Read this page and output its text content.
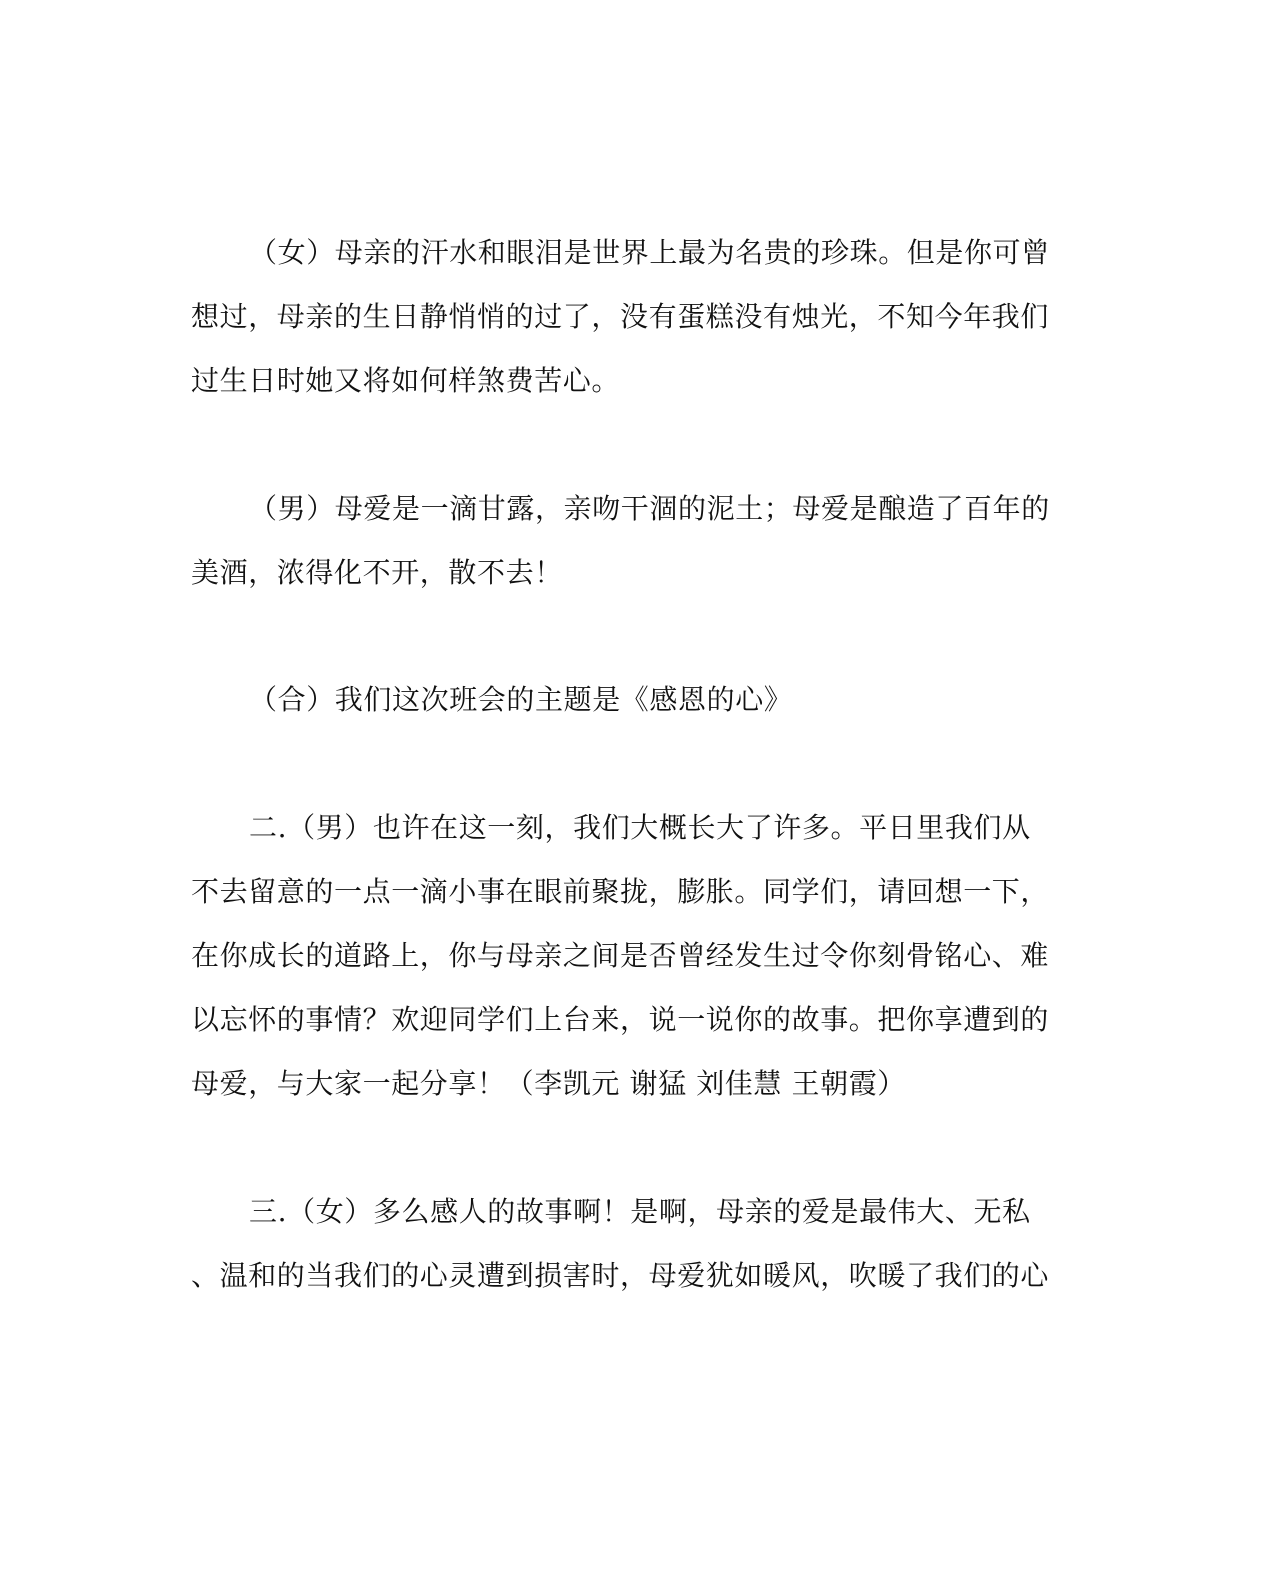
（女）母亲的汗水和眼泪是世界上最为名贵的珍珠。但是你可曾
想过，母亲的生日静悄悄的过了，没有蛋糕没有烛光，不知今年我们
过生日时她又将如何样煞费苦心。
（男）母爱是一滴甘露，亲吻干涸的泥土；母爱是酿造了百年的
美酒，浓得化不开，散不去！
（合）我们这次班会的主题是《感恩的心》
二.（男）也许在这一刻，我们大概长大了许多。平日里我们从
不去留意的一点一滴小事在眼前聚拢，膨胀。同学们，请回想一下，
在你成长的道路上，你与母亲之间是否曾经发生过令你刻骨铭心、难
以忘怀的事情？欢迎同学们上台来，说一说你的故事。把你享遭到的
母爱，与大家一起分享！（李凯元 谢猛 刘佳慧 王朝霞）
三.（女）多么感人的故事啊！是啊，母亲的爱是最伟大、无私
、温和的当我们的心灵遭到损害时，母爱犹如暖风，吹暖了我们的心
